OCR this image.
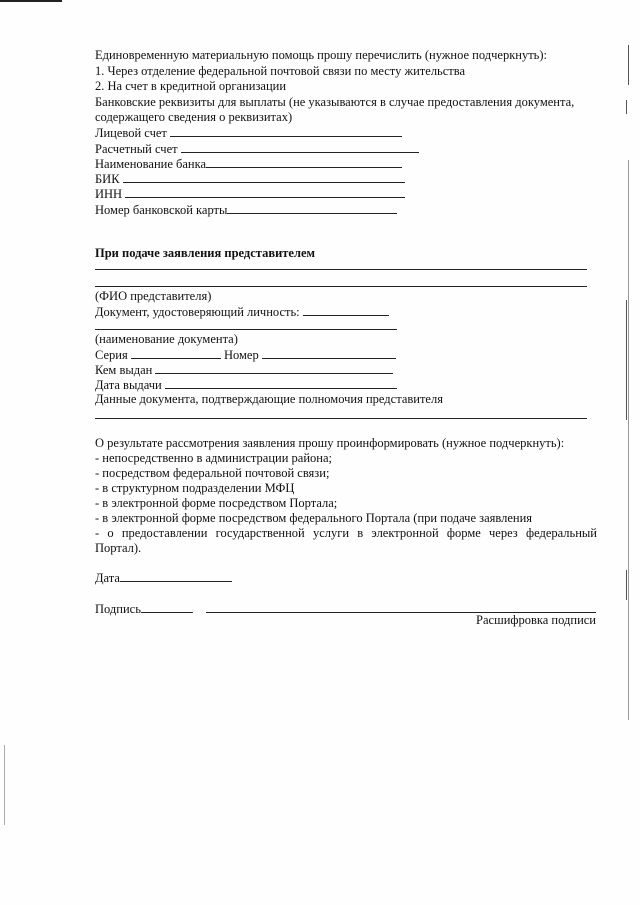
Единовременную материальную помощь прошу перечислить (нужное подчеркнуть):
1. Через отделение федеральной почтовой связи по месту жительства
2. На счет в кредитной организации
Банковские реквизиты для выплаты (не указываются в случае предоставления документа,
содержащего сведения о реквизитах)
Лицевой счет
Расчетный счет
Наименование банка
БИК
ИНН
Номер банковской карты
При подаче заявления представителем
(ФИО представителя)
Документ, удостоверяющий личность:
(наименование документа)
Серия	Номер
Кем выдан
Дата выдачи
Данные документа, подтверждающие полномочия представителя
О результате рассмотрения заявления прошу проинформировать (нужное подчеркнуть):
- непосредственно в администрации района;
- посредством федеральной почтовой связи;
- в структурном подразделении МФЦ
- в электронной форме посредством Портала;
- в электронной форме посредством федерального Портала (при подаче заявления
- о предоставлении государственной услуги в электронной форме через федеральный
Портал).
Дата
Подпись
Расшифровка подписи
